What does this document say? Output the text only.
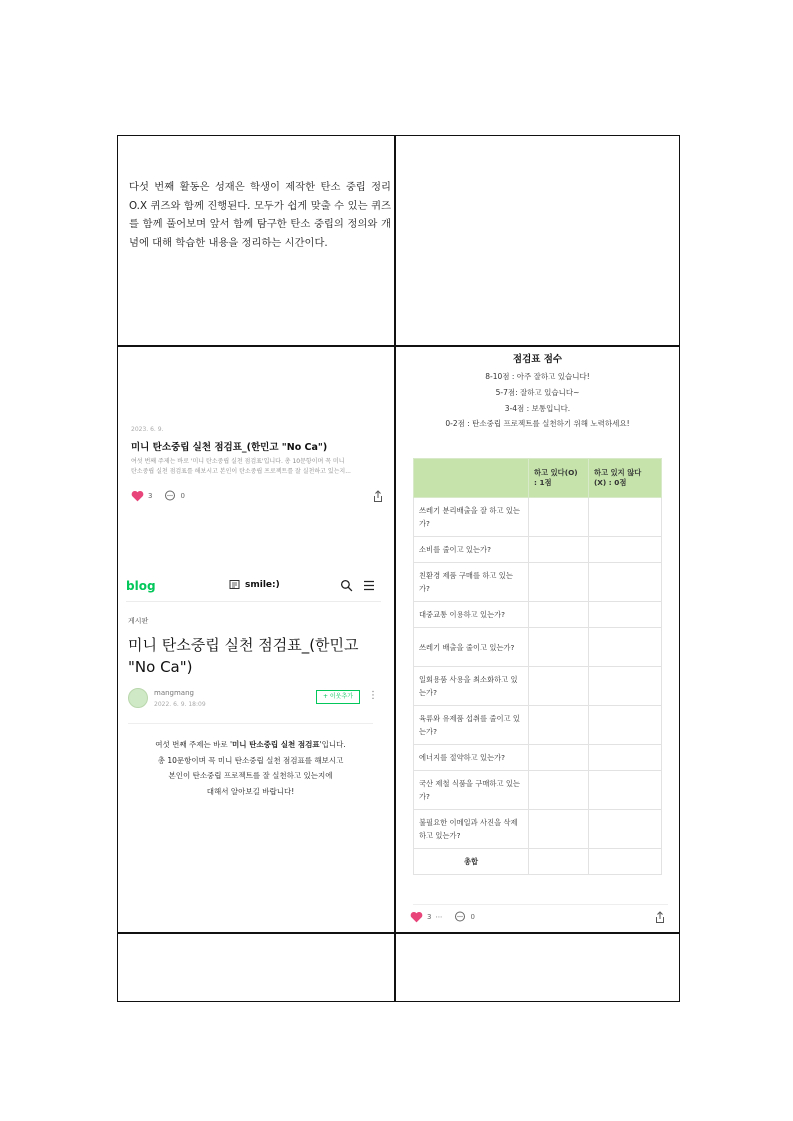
다섯 번째 활동은 성재은 학생이 제작한 탄소 중립 정리 O.X 퀴즈와 함께 진행된다. 모두가 쉽게 맞출 수 있는 퀴즈를 함께 풀어보며 앞서 함께 탐구한 탄소 중립의 정의와 개념에 대해 학습한 내용을 정리하는 시간이다.
2023. 6. 9.
미니 탄소중립 실천 점검표_(한민고 "No Ca")
여섯 번째 주제는 바로 '미니 탄소중립 실천 점검표'입니다. 총 10문항이며 꼭 미니
탄소중립 실천 점검표를 해보시고 본인이 탄소중립 프로젝트를 잘 실천하고 있는지...
3	0
blog	smile:)
게시판
미니 탄소중립 실천 점검표_(한민고 "No Ca")
mangmang
2022. 6. 9. 18:09
+ 이웃추가	⋮
여섯 번째 주제는 바로 '미니 탄소중립 실천 점검표'입니다.
총 10문항이며 꼭 미니 탄소중립 실천 점검표를 해보시고
본인이 탄소중립 프로젝트를 잘 실천하고 있는지에
대해서 알아보길 바랍니다!
점검표 점수
8-10점 : 아주 잘하고 있습니다!
5-7점: 잘하고 있습니다~
3-4점 : 보통입니다.
0-2점 : 탄소중립 프로젝트를 실천하기 위해 노력하세요!
	하고 있다(O) : 1점	하고 있지 않다 (X) : 0점
쓰레기 분리배출을 잘 하고 있는가?		
소비를 줄이고 있는가?		
친환경 제품 구매를 하고 있는가?		
대중교통 이용하고 있는가?		
쓰레기 배출을 줄이고 있는가?		
일회용품 사용을 최소화하고 있는가?		
육류와 유제품 섭취를 줄이고 있는가?		
에너지를 절약하고 있는가?		
국산 제철 식품을 구매하고 있는가?		
불필요한 이메일과 사진을 삭제하고 있는가?		
총합		
3 ⋯	0
